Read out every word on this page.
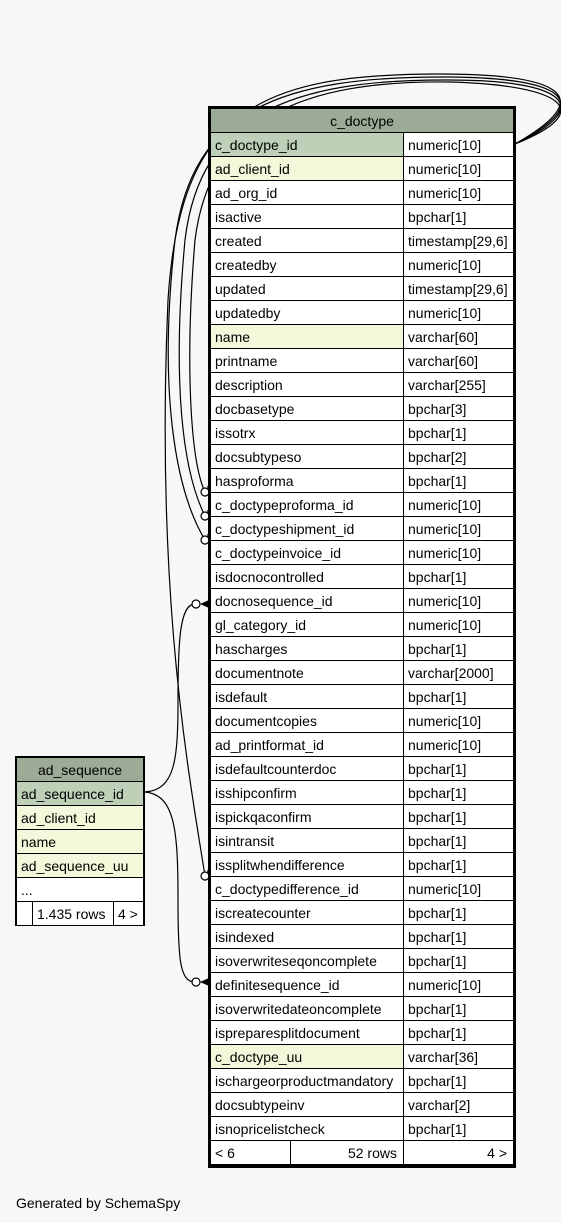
c_doctype
c_doctype_id	numeric[10]
ad_client_id	numeric[10]
ad_org_id	numeric[10]
isactive	bpchar[1]
created	timestamp[29,6]
createdby	numeric[10]
updated	timestamp[29,6]
updatedby	numeric[10]
name	varchar[60]
printname	varchar[60]
description	varchar[255]
docbasetype	bpchar[3]
issotrx	bpchar[1]
docsubtypeso	bpchar[2]
hasproforma	bpchar[1]
c_doctypeproforma_id	numeric[10]
c_doctypeshipment_id	numeric[10]
c_doctypeinvoice_id	numeric[10]
isdocnocontrolled	bpchar[1]
docnosequence_id	numeric[10]
gl_category_id	numeric[10]
hascharges	bpchar[1]
documentnote	varchar[2000]
isdefault	bpchar[1]
documentcopies	numeric[10]
ad_printformat_id	numeric[10]
isdefaultcounterdoc	bpchar[1]
isshipconfirm	bpchar[1]
ispickqaconfirm	bpchar[1]
isintransit	bpchar[1]
issplitwhendifference	bpchar[1]
c_doctypedifference_id	numeric[10]
iscreatecounter	bpchar[1]
isindexed	bpchar[1]
isoverwriteseqoncomplete	bpchar[1]
definitesequence_id	numeric[10]
isoverwritedateoncomplete	bpchar[1]
ispreparesplitdocument	bpchar[1]
c_doctype_uu	varchar[36]
ischargeorproductmandatory	bpchar[1]
docsubtypeinv	varchar[2]
isnopricelistcheck	bpchar[1]
< 6	52 rows	4 >
ad_sequence
ad_sequence_id
ad_client_id
name
ad_sequence_uu
...
1.435 rows 4 >
Generated by SchemaSpy
